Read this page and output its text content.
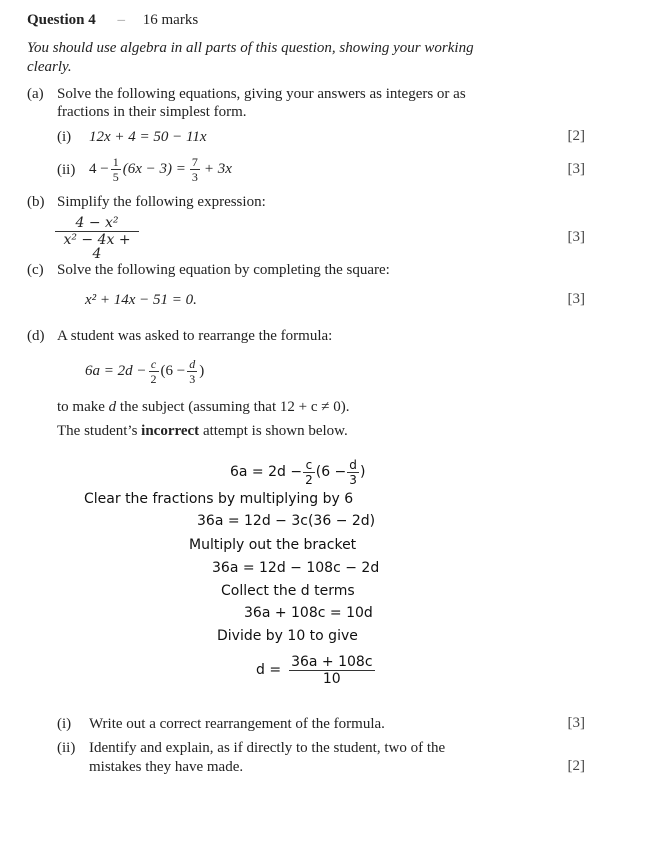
Question 4 – 16 marks
You should use algebra in all parts of this question, showing your working
clearly.
(a) Solve the following equations, giving your answers as integers or as
fractions in their simplest form.
(i) 12x + 4 = 50 − 11x	[2]
(ii) $4 - \frac{1}{5} (6x - 3) = \frac{7}{3} + 3x$	[3]
(b) Simplify the following expression:
$\frac{\text{4 − x²}}{\text{x² − 4x + 4}}$	[3]
(c) Solve the following equation by completing the square:
x² + 14x − 51 = 0.	[3]
(d) A student was asked to rearrange the formula:
$6a = 2d - \frac{c}{2} (6 - \frac{d}{3}$ )
to make d the subject (assuming that 12 + c ≠ 0).
The student’s incorrect attempt is shown below.
$6a = 2d - \frac{c}{2} (6 - \frac{d}{3}$ )
Clear the fractions by multiplying by 6
36a = 12d − 3c(36 − 2d)
Multiply out the bracket
36a = 12d − 108c − 2d
Collect the d terms
36a + 108c = 10d
Divide by 10 to give
$d = \frac{36a + 108c}{10}$
(i) Write out a correct rearrangement of the formula.	[3]
(ii) Identify and explain, as if directly to the student, two of the
mistakes they have made.	[2]
